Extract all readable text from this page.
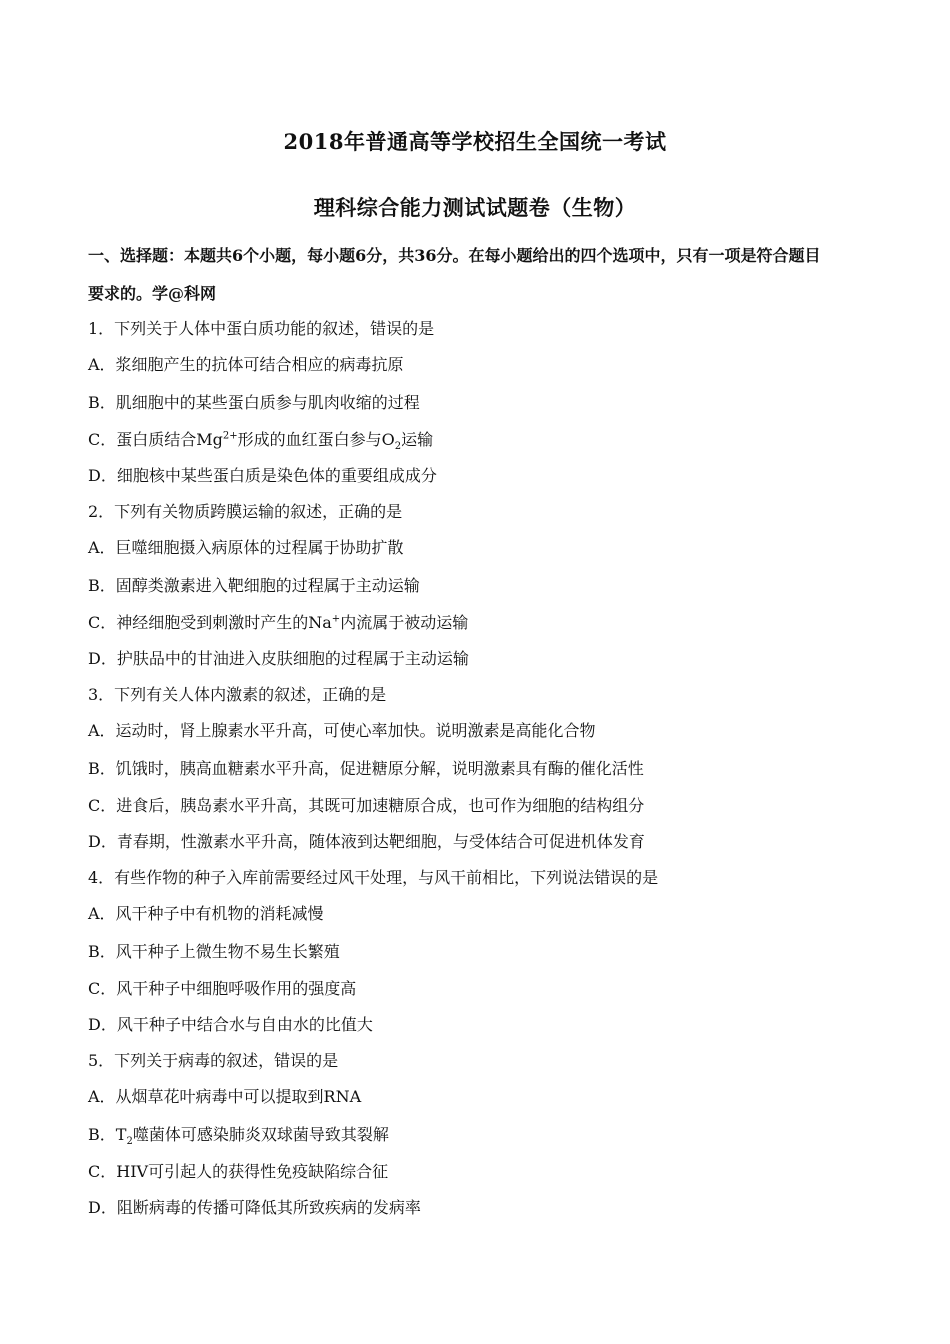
2018年普通高等学校招生全国统一考试
理科综合能力测试试题卷（生物）
一、选择题：本题共6个小题，每小题6分，共36分。在每小题给出的四个选项中，只有一项是符合题目
要求的。学@科网
1．下列关于人体中蛋白质功能的叙述，错误的是
A．浆细胞产生的抗体可结合相应的病毒抗原
B．肌细胞中的某些蛋白质参与肌肉收缩的过程
C．蛋白质结合$Mg^{2+}$形成的血红蛋白参与$O_2$运输
D．细胞核中某些蛋白质是染色体的重要组成成分
2．下列有关物质跨膜运输的叙述，正确的是
A．巨噬细胞摄入病原体的过程属于协助扩散
B．固醇类激素进入靶细胞的过程属于主动运输
C．神经细胞受到刺激时产生的Na+内流属于被动运输
D．护肤品中的甘油进入皮肤细胞的过程属于主动运输
3．下列有关人体内激素的叙述，正确的是
A．运动时，肾上腺素水平升高，可使心率加快。说明激素是高能化合物
B．饥饿时，胰高血糖素水平升高，促进糖原分解，说明激素具有酶的催化活性
C．进食后，胰岛素水平升高，其既可加速糖原合成，也可作为细胞的结构组分
D．青春期，性激素水平升高，随体液到达靶细胞，与受体结合可促进机体发育
4．有些作物的种子入库前需要经过风干处理，与风干前相比，下列说法错误的是
A．风干种子中有机物的消耗减慢
B．风干种子上微生物不易生长繁殖
C．风干种子中细胞呼吸作用的强度高
D．风干种子中结合水与自由水的比值大
5．下列关于病毒的叙述，错误的是
A．从烟草花叶病毒中可以提取到RNA
B．$T_2$噬菌体可感染肺炎双球菌导致其裂解
C．HIV可引起人的获得性免疫缺陷综合征
D．阻断病毒的传播可降低其所致疾病的发病率
